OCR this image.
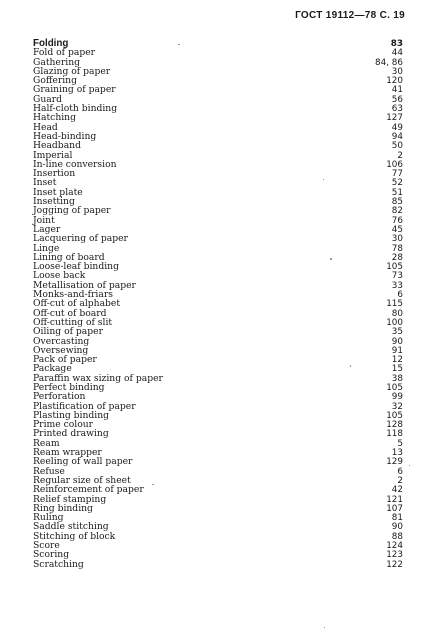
ГОСТ 19112—78 С. 19
Folding	83
Fold of paper	44
Gathering	84, 86
Glazing of paper	30
Goffering	120
Graining of paper	41
Guard	56
Half-cloth binding	63
Hatching	127
Head	49
Head-binding	94
Headband	50
Imperial	2
In-line conversion	106
Insertion	77
Inset	52
Inset plate	51
Insetting	85
Jogging of paper	82
Joint	76
Lager	45
Lacquering of paper	30
Linge	78
Lining of board	28
Loose-leaf binding	105
Loose back	73
Metallisation of paper	33
Monks-and-friars	6
Off-cut of alphabet	115
Off-cut of board	80
Off-cutting of slit	100
Oiling of paper	35
Overcasting	90
Oversewing	91
Pack of paper	12
Package	15
Paraffin wax sizing of paper	38
Perfect binding	105
Perforation	99
Plastification of paper	32
Plasting binding	105
Prime colour	128
Printed drawing	118
Ream	5
Ream wrapper	13
Reeling of wall paper	129
Refuse	6
Regular size of sheet	2
Reinforcement of paper	42
Relief stamping	121
Ring binding	107
Ruling	81
Saddle stitching	90
Stitching of block	88
Score	124
Scoring	123
Scratching	122
